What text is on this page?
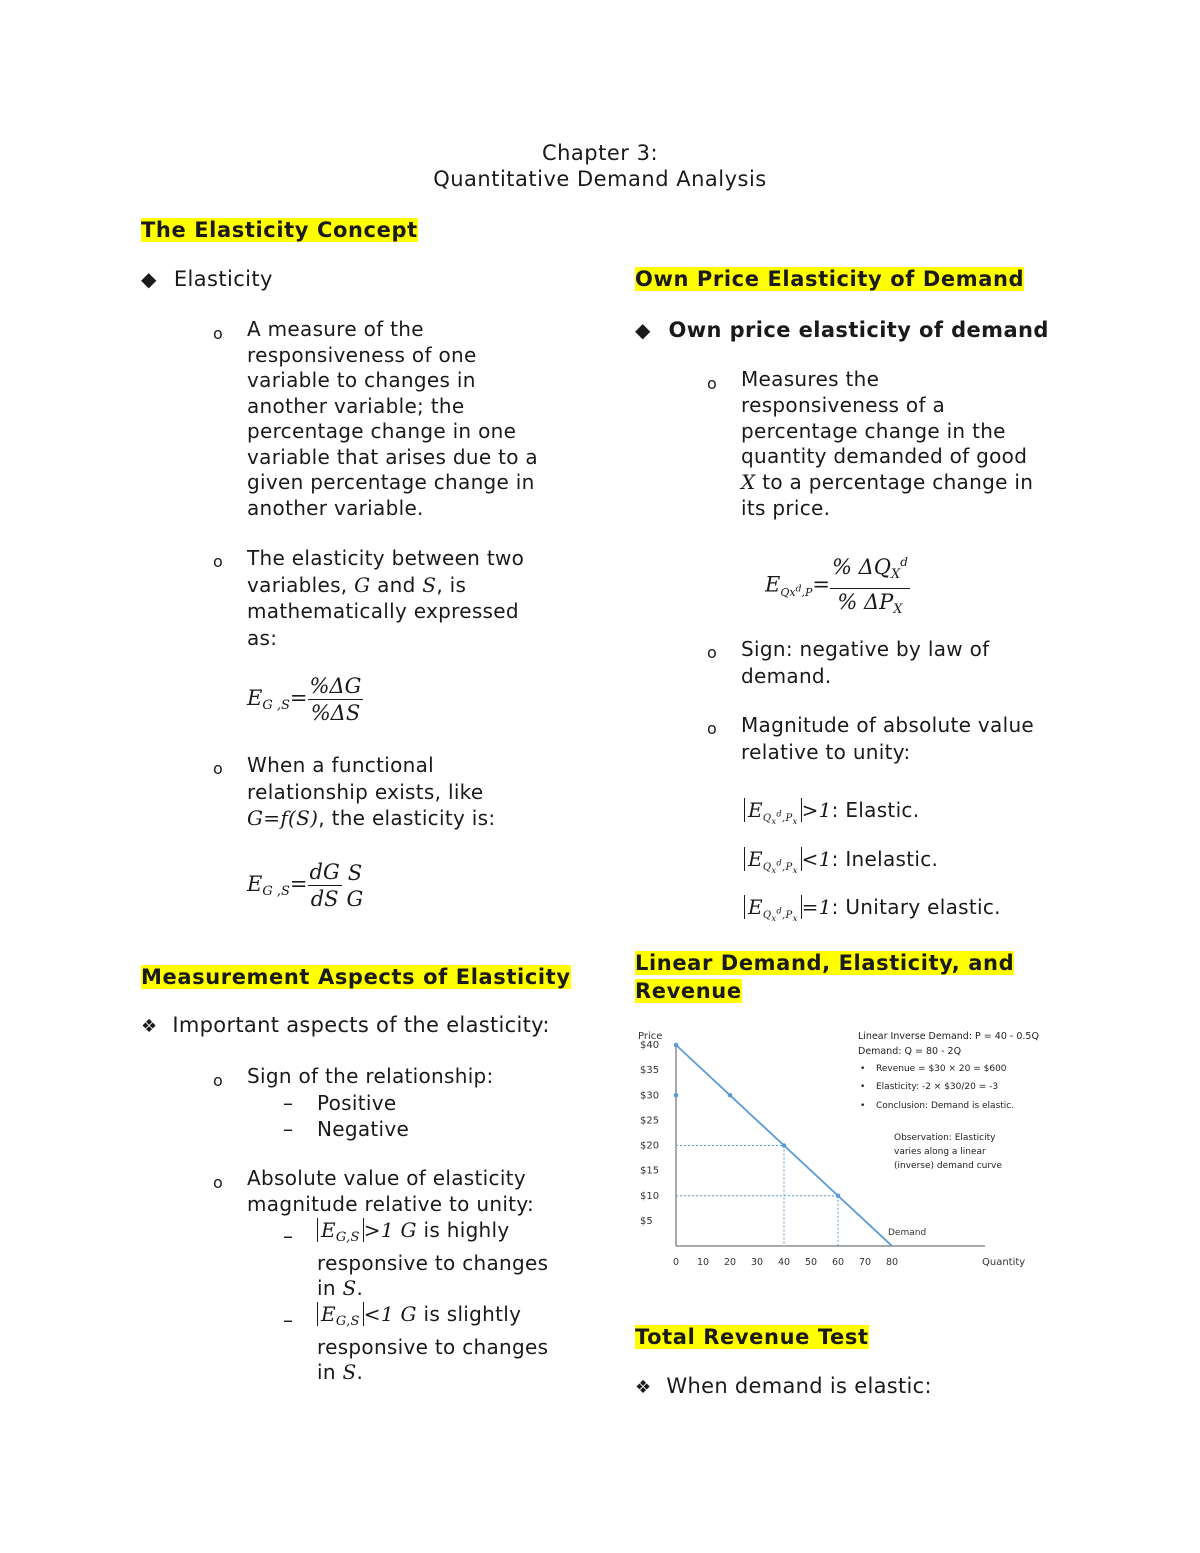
Chapter 3:
Quantitative Demand Analysis
The Elasticity Concept
◆ Elasticity
o A measure of the
responsiveness of one
variable to changes in
another variable; the
percentage change in one
variable that arises due to a
given percentage change in
another variable.
o The elasticity between two
variables, G and S, is
mathematically expressed
as:
EG $,S= \frac{\%\Delta G}{\%\Delta S}$
o When a functional
relationship exists, like
G=f(S), the elasticity is:
EG $,S= \frac{dG}{dS}$ S
G
Measurement Aspects of Elasticity
❖ Important aspects of the elasticity:
o Sign of the relationship:
– Positive
– Negative
o Absolute value of elasticity
magnitude relative to unity:
– $E_{G,S} >1$ G is highly
responsive to changes
in S.
– $E_{G,S} <1$ G is slightly
responsive to changes
in S.
Own Price Elasticity of Demand
◆ Own price elasticity of demand
o Measures the
responsiveness of a
percentage change in the
quantity demanded of good
X to a percentage change in
its price.
$EQx^d,P= \frac{\% \Delta QX^d}{\text{\% ΔPX}}$
o Sign: negative by law of
demand.
o Magnitude of absolute value
relative to unity:
$E_{Q_x^d,P_x} >1$: Elastic.
$E_{Q_x^d,P_x} <1$: Inelastic.
$E_{Q_x^d,P_x} =1$: Unitary elastic.
Linear Demand, Elasticity, and
Revenue
Price
$5
$10
$15
$20
$25
$30
$35
$40
0 10 20 30 40 50 60 70 80	Quantity
Demand
Linear Inverse Demand: P = 40 - 0.5Q
Demand: Q = 80 - 2Q
• Revenue = $30 × 20 = $600
• Elasticity: -2 × $30/20 = -3
• Conclusion: Demand is elastic.
Observation: Elasticity
varies along a linear
(inverse) demand curve
Total Revenue Test
❖ When demand is elastic:
